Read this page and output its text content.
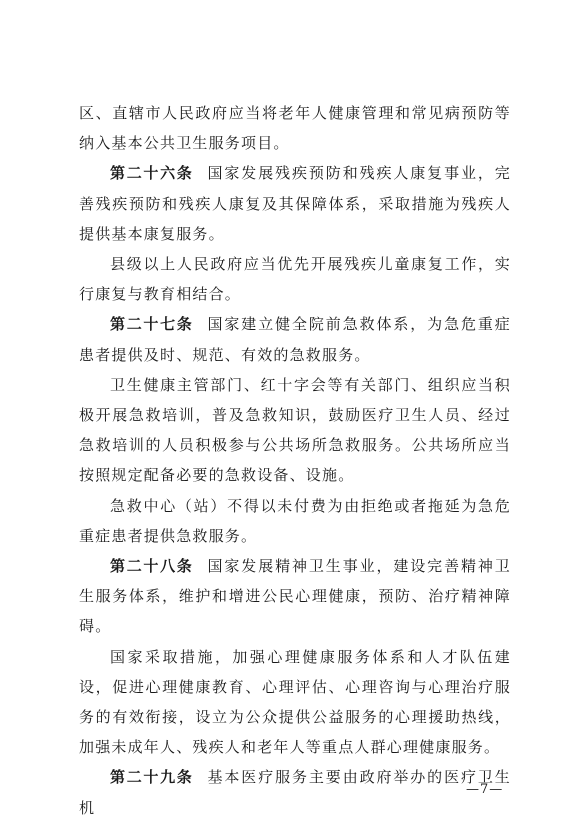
区、直辖市人民政府应当将老年人健康管理和常见病预防等纳入基本公共卫生服务项目。

第二十六条 国家发展残疾预防和残疾人康复事业，完善残疾预防和残疾人康复及其保障体系，采取措施为残疾人提供基本康复服务。

县级以上人民政府应当优先开展残疾儿童康复工作，实行康复与教育相结合。

第二十七条 国家建立健全院前急救体系，为急危重症患者提供及时、规范、有效的急救服务。

卫生健康主管部门、红十字会等有关部门、组织应当积极开展急救培训，普及急救知识，鼓励医疗卫生人员、经过急救培训的人员积极参与公共场所急救服务。公共场所应当按照规定配备必要的急救设备、设施。

急救中心（站）不得以未付费为由拒绝或者拖延为急危重症患者提供急救服务。

第二十八条 国家发展精神卫生事业，建设完善精神卫生服务体系，维护和增进公民心理健康，预防、治疗精神障碍。

国家采取措施，加强心理健康服务体系和人才队伍建设，促进心理健康教育、心理评估、心理咨询与心理治疗服务的有效衔接，设立为公众提供公益服务的心理援助热线，加强未成年人、残疾人和老年人等重点人群心理健康服务。

第二十九条 基本医疗服务主要由政府举办的医疗卫生机

—7—
